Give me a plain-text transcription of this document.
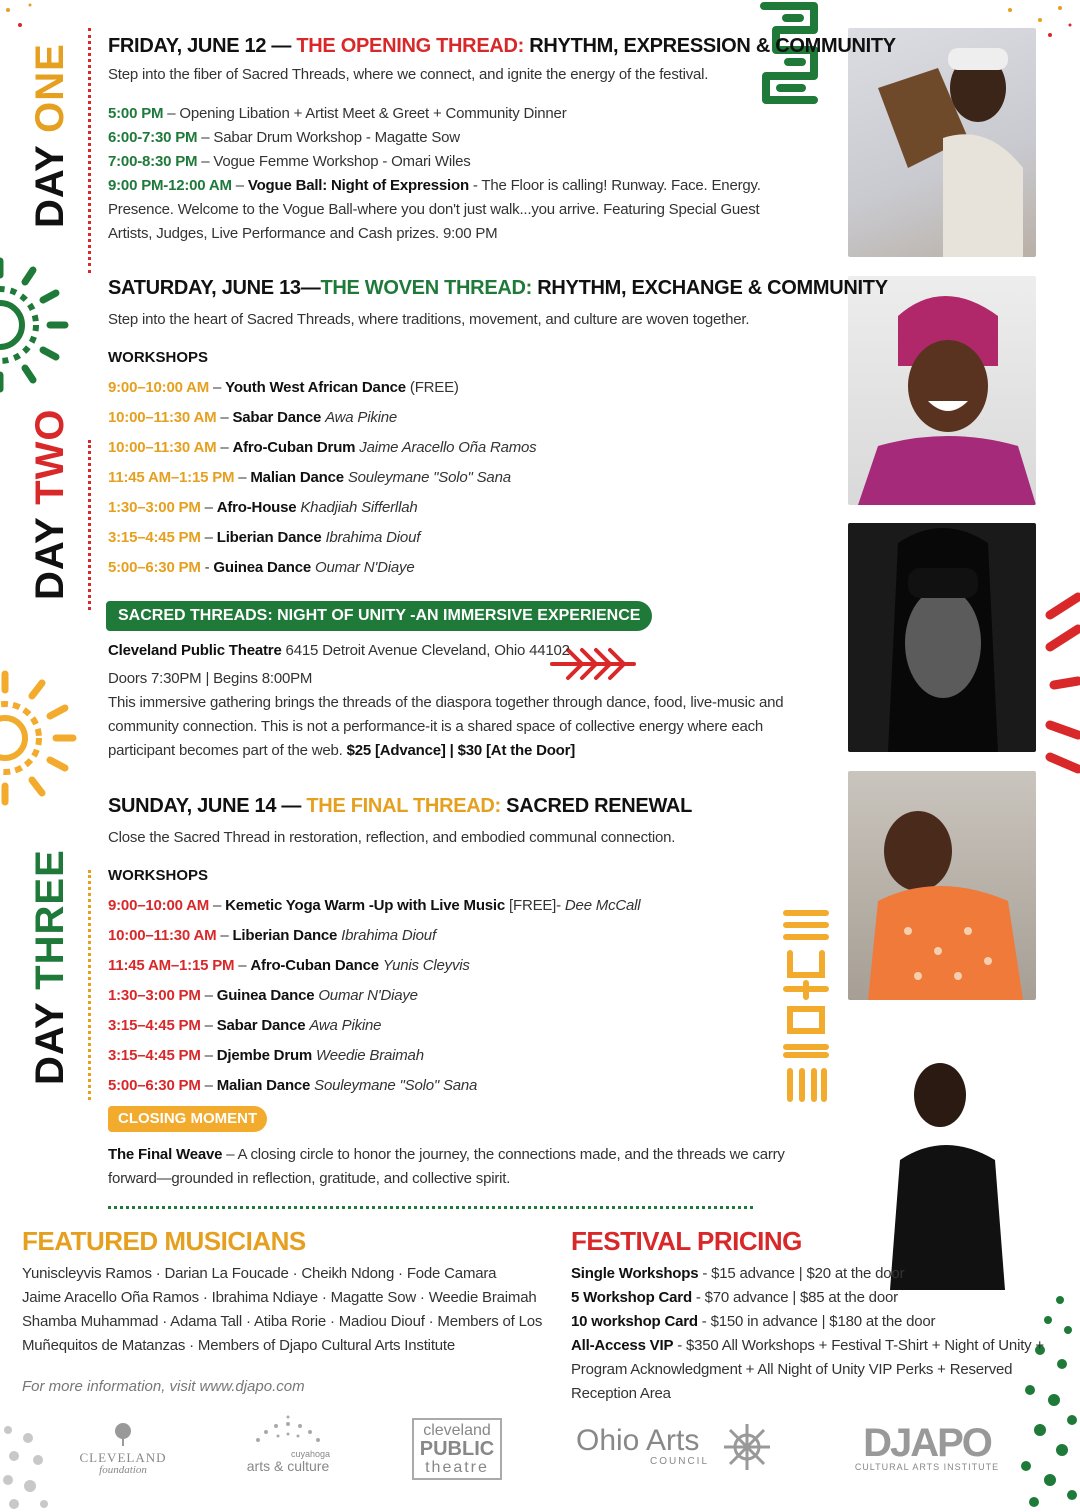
DAY ONE
DAY TWO
DAY THREE
FRIDAY, JUNE 12 — THE OPENING THREAD: RHYTHM, EXPRESSION & COMMUNITY
Step into the fiber of Sacred Threads, where we connect, and ignite the energy of the festival.
5:00 PM – Opening Libation + Artist Meet & Greet + Community Dinner
6:00-7:30 PM – Sabar Drum Workshop - Magatte Sow
7:00-8:30 PM – Vogue Femme Workshop - Omari Wiles
9:00 PM-12:00 AM – Vogue Ball: Night of Expression - The Floor is calling! Runway. Face. Energy.
Presence. Welcome to the Vogue Ball-where you don't just walk...you arrive. Featuring Special Guest
Artists, Judges, Live Performance and Cash prizes. 9:00 PM
SATURDAY, JUNE 13—THE WOVEN THREAD: RHYTHM, EXCHANGE & COMMUNITY
Step into the heart of Sacred Threads, where traditions, movement, and culture are woven together.
WORKSHOPS
9:00–10:00 AM – Youth West African Dance (FREE)
10:00–11:30 AM – Sabar Dance Awa Pikine
10:00–11:30 AM – Afro-Cuban Drum Jaime Aracello Oña Ramos
11:45 AM–1:15 PM – Malian Dance Souleymane "Solo" Sana
1:30–3:00 PM – Afro-House Khadjiah Sifferllah
3:15–4:45 PM – Liberian Dance Ibrahima Diouf
5:00–6:30 PM - Guinea Dance Oumar N'Diaye
SACRED THREADS: NIGHT OF UNITY -AN IMMERSIVE EXPERIENCE
Cleveland Public Theatre 6415 Detroit Avenue Cleveland, Ohio 44102
Doors 7:30PM | Begins 8:00PM
This immersive gathering brings the threads of the diaspora together through dance, food, live-music and
community connection. This is not a performance-it is a shared space of collective energy where each
participant becomes part of the web. $25 [Advance] | $30 [At the Door]
SUNDAY, JUNE 14 — THE FINAL THREAD: SACRED RENEWAL
Close the Sacred Thread in restoration, reflection, and embodied communal connection.
WORKSHOPS
9:00–10:00 AM – Kemetic Yoga Warm -Up with Live Music [FREE]- Dee McCall
10:00–11:30 AM – Liberian Dance Ibrahima Diouf
11:45 AM–1:15 PM – Afro-Cuban Dance Yunis Cleyvis
1:30–3:00 PM – Guinea Dance Oumar N'Diaye
3:15–4:45 PM – Sabar Dance Awa Pikine
3:15–4:45 PM – Djembe Drum Weedie Braimah
5:00–6:30 PM – Malian Dance Souleymane "Solo" Sana
CLOSING MOMENT
The Final Weave – A closing circle to honor the journey, the connections made, and the threads we carry
forward—grounded in reflection, gratitude, and collective spirit.
FEATURED MUSICIANS
Yuniscleyvis Ramos · Darian La Foucade · Cheikh Ndong · Fode Camara
Jaime Aracello Oña Ramos · Ibrahima Ndiaye · Magatte Sow · Weedie Braimah
Shamba Muhammad · Adama Tall · Atiba Rorie · Madiou Diouf · Members of Los
Muñequitos de Matanzas · Members of Djapo Cultural Arts Institute
For more information, visit www.djapo.com
FESTIVAL PRICING
Single Workshops - $15 advance | $20 at the door
5 Workshop Card - $70 advance | $85 at the door
10 workshop Card - $150 in advance | $180 at the door
All-Access VIP - $350 All Workshops + Festival T-Shirt + Night of Unity +
Program Acknowledgment + All Night of Unity VIP Perks + Reserved
Reception Area
CLEVELAND
foundation
cuyahoga
arts & culture
cleveland
PUBLIC
theatre
Ohio Arts
COUNCIL	DJAPO
CULTURAL ARTS INSTITUTE
